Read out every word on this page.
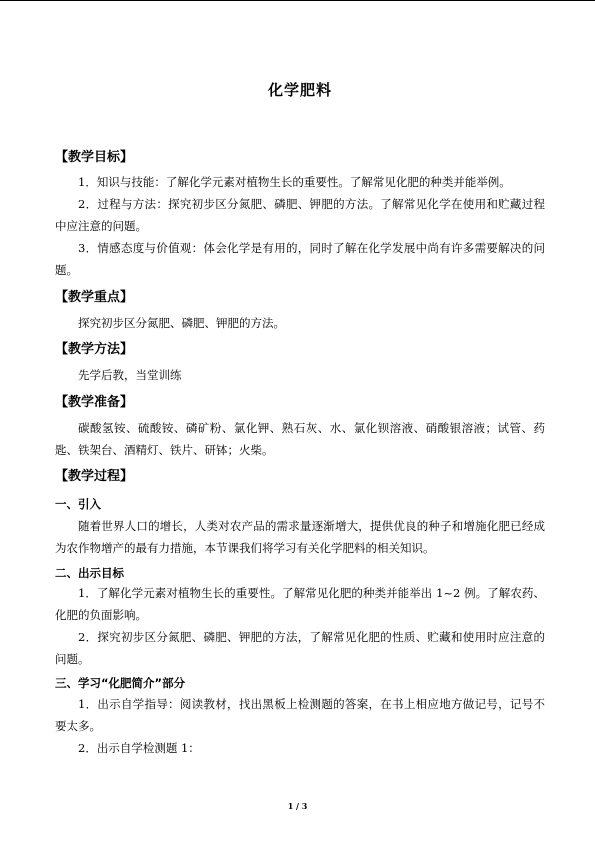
化学肥料
【教学目标】
1．知识与技能：了解化学元素对植物生长的重要性。了解常见化肥的种类并能举例。
2．过程与方法：探究初步区分氮肥、磷肥、钾肥的方法。了解常见化学在使用和贮藏过程中应注意的问题。
3．情感态度与价值观：体会化学是有用的，同时了解在化学发展中尚有许多需要解决的问题。
【教学重点】
探究初步区分氮肥、磷肥、钾肥的方法。
【教学方法】
先学后教，当堂训练
【教学准备】
碳酸氢铵、硫酸铵、磷矿粉、氯化钾、熟石灰、水、氯化钡溶液、硝酸银溶液；试管、药匙、铁架台、酒精灯、铁片、研钵；火柴。
【教学过程】
一、引入
随着世界人口的增长，人类对农产品的需求量逐渐增大，提供优良的种子和增施化肥已经成为农作物增产的最有力措施，本节课我们将学习有关化学肥料的相关知识。
二、出示目标
1．了解化学元素对植物生长的重要性。了解常见化肥的种类并能举出 1~2 例。了解农药、化肥的负面影响。
2．探究初步区分氮肥、磷肥、钾肥的方法，了解常见化肥的性质、贮藏和使用时应注意的问题。
三、学习“化肥简介”部分
1．出示自学指导：阅读教材，找出黑板上检测题的答案，在书上相应地方做记号，记号不要太多。
2．出示自学检测题 1：
1 / 3
